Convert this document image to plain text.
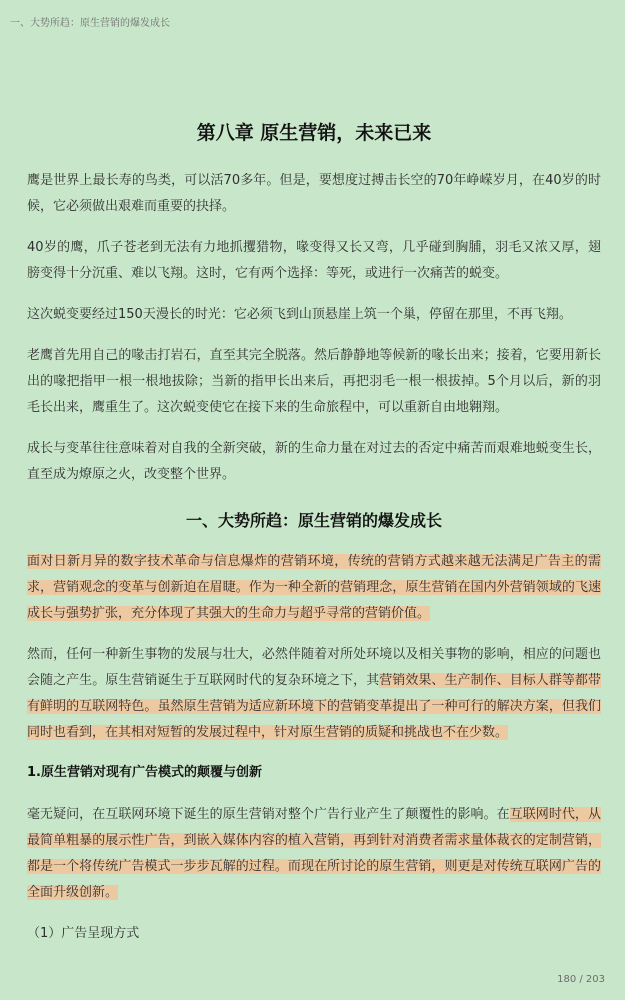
一、大势所趋：原生营销的爆发成长
第八章 原生营销，未来已来

鹰是世界上最长寿的鸟类，可以活70多年。但是，要想度过搏击长空的70年峥嵘岁月，在40岁的时候，它必须做出艰难而重要的抉择。

40岁的鹰，爪子苍老到无法有力地抓攫猎物，喙变得又长又弯，几乎碰到胸脯，羽毛又浓又厚，翅膀变得十分沉重、难以飞翔。这时，它有两个选择：等死，或进行一次痛苦的蜕变。

这次蜕变要经过150天漫长的时光：它必须飞到山顶悬崖上筑一个巢，停留在那里，不再飞翔。

老鹰首先用自己的喙击打岩石，直至其完全脱落。然后静静地等候新的喙长出来；接着，它要用新长出的喙把指甲一根一根地拔除；当新的指甲长出来后，再把羽毛一根一根拔掉。5个月以后，新的羽毛长出来，鹰重生了。这次蜕变使它在接下来的生命旅程中，可以重新自由地翱翔。

成长与变革往往意味着对自我的全新突破，新的生命力量在对过去的否定中痛苦而艰难地蜕变生长，直至成为燎原之火，改变整个世界。

一、大势所趋：原生营销的爆发成长

面对日新月异的数字技术革命与信息爆炸的营销环境，传统的营销方式越来越无法满足广告主的需求，营销观念的变革与创新迫在眉睫。作为一种全新的营销理念，原生营销在国内外营销领域的飞速成长与强势扩张，充分体现了其强大的生命力与超乎寻常的营销价值。

然而，任何一种新生事物的发展与壮大，必然伴随着对所处环境以及相关事物的影响，相应的问题也会随之产生。原生营销诞生于互联网时代的复杂环境之下，其营销效果、生产制作、目标人群等都带有鲜明的互联网特色。虽然原生营销为适应新环境下的营销变革提出了一种可行的解决方案，但我们同时也看到，在其相对短暂的发展过程中，针对原生营销的质疑和挑战也不在少数。

1.原生营销对现有广告模式的颠覆与创新

毫无疑问，在互联网环境下诞生的原生营销对整个广告行业产生了颠覆性的影响。在互联网时代，从最简单粗暴的展示性广告，到嵌入媒体内容的植入营销，再到针对消费者需求量体裁衣的定制营销，都是一个将传统广告模式一步步瓦解的过程。而现在所讨论的原生营销，则更是对传统互联网广告的全面升级创新。

（1）广告呈现方式

180 / 203
